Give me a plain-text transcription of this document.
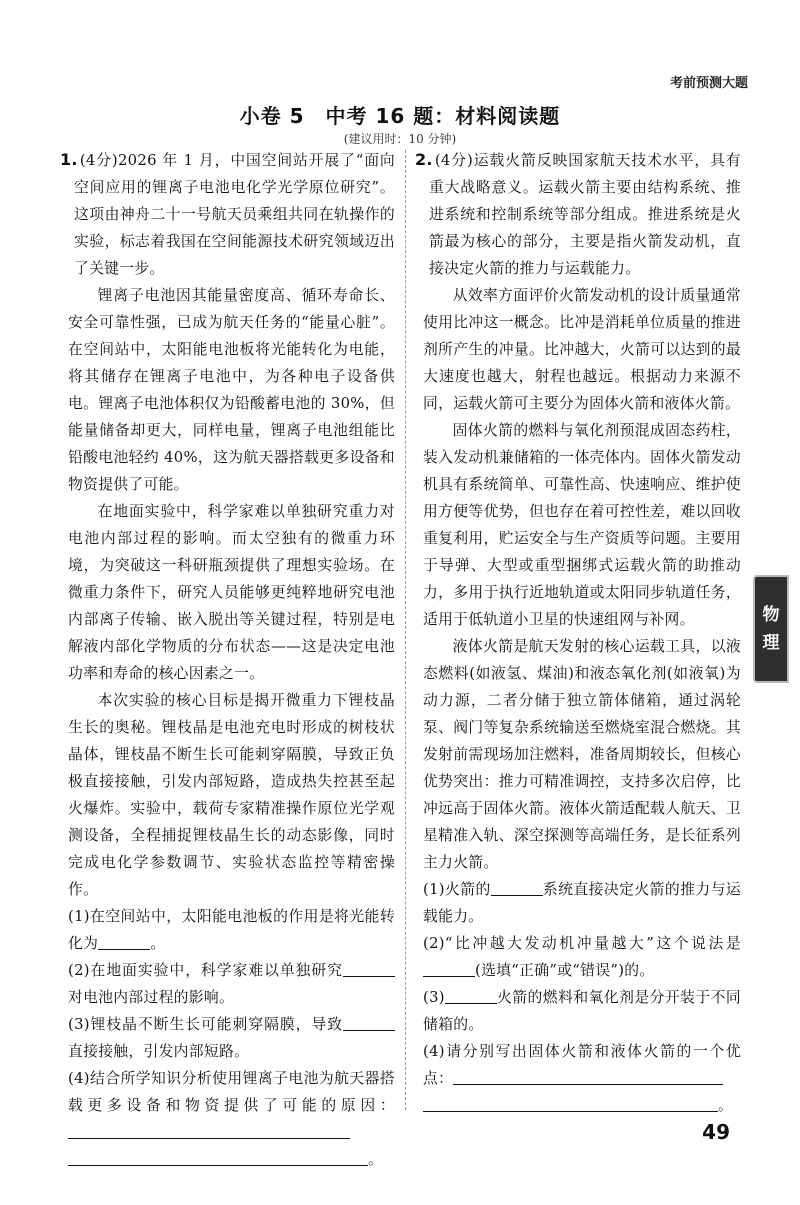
考前预测大题
小卷 5　中考 16 题：材料阅读题
(建议用时：10 分钟)

1. (4分)2026 年 1 月，中国空间站开展了“面向空间应用的锂离子电池电化学光学原位研究”。这项由神舟二十一号航天员乘组共同在轨操作的实验，标志着我国在空间能源技术研究领域迈出了关键一步。

锂离子电池因其能量密度高、循环寿命长、安全可靠性强，已成为航天任务的“能量心脏”。在空间站中，太阳能电池板将光能转化为电能，将其储存在锂离子电池中，为各种电子设备供电。锂离子电池体积仅为铅酸蓄电池的 30%，但能量储备却更大，同样电量，锂离子电池组能比铅酸电池轻约 40%，这为航天器搭载更多设备和物资提供了可能。

在地面实验中，科学家难以单独研究重力对电池内部过程的影响。而太空独有的微重力环境，为突破这一科研瓶颈提供了理想实验场。在微重力条件下，研究人员能够更纯粹地研究电池内部离子传输、嵌入脱出等关键过程，特别是电解液内部化学物质的分布状态——这是决定电池功率和寿命的核心因素之一。

本次实验的核心目标是揭开微重力下锂枝晶生长的奥秘。锂枝晶是电池充电时形成的树枝状晶体，锂枝晶不断生长可能刺穿隔膜，导致正负极直接接触，引发内部短路，造成热失控甚至起火爆炸。实验中，载荷专家精准操作原位光学观测设备，全程捕捉锂枝晶生长的动态影像，同时完成电化学参数调节、实验状态监控等精密操作。

(1)在空间站中，太阳能电池板的作用是将光能转化为	。

(2)在地面实验中，科学家难以单独研究对电池内部过程的影响。

(3)锂枝晶不断生长可能刺穿隔膜，导致直接接触，引发内部短路。

(4)结合所学知识分析使用锂离子电池为航天器搭载更多设备和物资提供了可能的原因：

。

2. (4分)运载火箭反映国家航天技术水平，具有重大战略意义。运载火箭主要由结构系统、推进系统和控制系统等部分组成。推进系统是火箭最为核心的部分，主要是指火箭发动机，直接决定火箭的推力与运载能力。

从效率方面评价火箭发动机的设计质量通常使用比冲这一概念。比冲是消耗单位质量的推进剂所产生的冲量。比冲越大，火箭可以达到的最大速度也越大，射程也越远。根据动力来源不同，运载火箭可主要分为固体火箭和液体火箭。

固体火箭的燃料与氧化剂预混成固态药柱，装入发动机兼储箱的一体壳体内。固体火箭发动机具有系统简单、可靠性高、快速响应、维护使用方便等优势，但也存在着可控性差，难以回收重复利用，贮运安全与生产资质等问题。主要用于导弹、大型或重型捆绑式运载火箭的助推动力，多用于执行近地轨道或太阳同步轨道任务，适用于低轨道小卫星的快速组网与补网。

液体火箭是航天发射的核心运载工具，以液态燃料(如液氢、煤油)和液态氧化剂(如液氧)为动力源，二者分储于独立箭体储箱，通过涡轮泵、阀门等复杂系统输送至燃烧室混合燃烧。其发射前需现场加注燃料，准备周期较长，但核心优势突出：推力可精准调控，支持多次启停，比冲远高于固体火箭。液体火箭适配载人航天、卫星精准入轨、深空探测等高端任务，是长征系列主力火箭。

(1)火箭的	系统直接决定火箭的推力与运载能力。

(2)“比冲越大发动机冲量越大”这个说法是(选填“正确”或“错误”)的。

(3)	火箭的燃料和氧化剂是分开装于不同储箱的。

(4)请分别写出固体火箭和液体火箭的一个优点：

。

物
理
49
